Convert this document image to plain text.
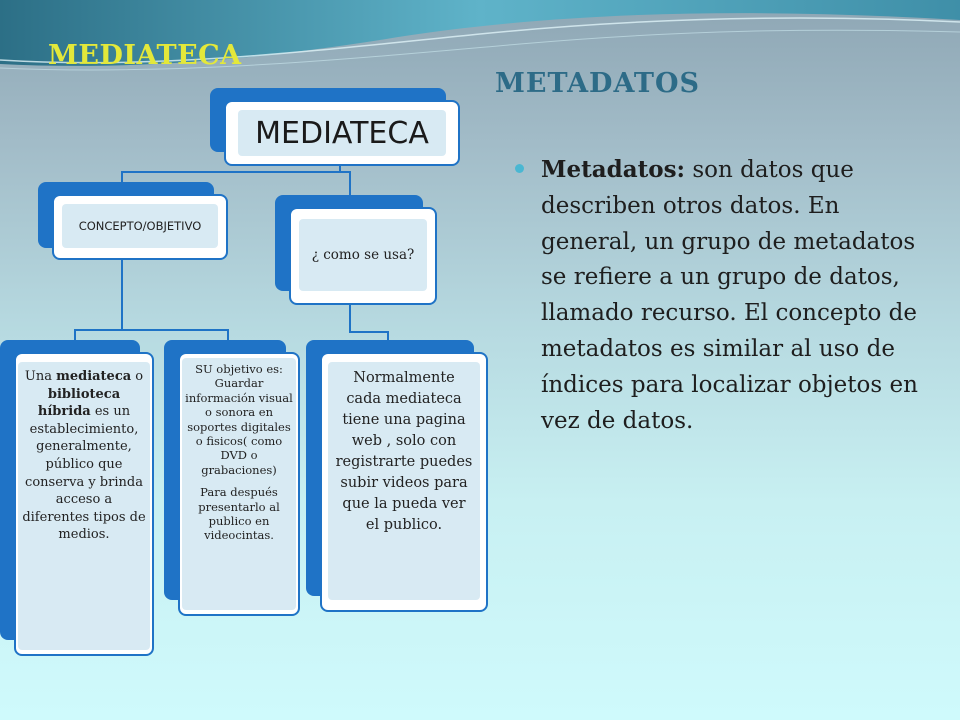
MEDIATECA
METADATOS
Metadatos: son datos que describen otros datos. En general, un grupo de metadatos se refiere a un grupo de datos, llamado recurso. El concepto de metadatos es similar al uso de índices para localizar objetos en vez de datos.
MEDIATECA
CONCEPTO/OBJETIVO
¿ como se usa?
Una mediateca o biblioteca híbrida es un establecimiento, generalmente, público que conserva y brinda acceso a diferentes tipos de medios.

SU objetivo es: Guardar información visual o sonora en soportes digitales o fisicos( como DVD o grabaciones)

Para después presentarlo al publico en videocintas.

Normalmente cada mediateca tiene una pagina web , solo con registrarte puedes subir videos para que la pueda ver el publico.
